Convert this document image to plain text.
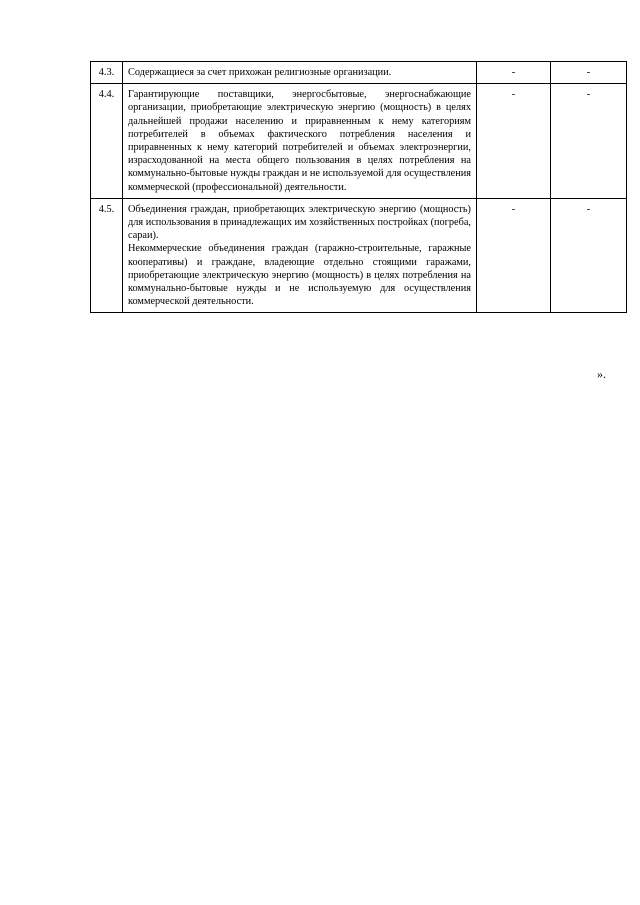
4.3.	Содержащиеся за счет прихожан религиозные организации.	-	-
4.4.	Гарантирующие поставщики, энергосбытовые, энергоснабжающие организации, приобретающие электрическую энергию (мощность) в целях дальнейшей продажи населению и приравненным к нему категориям потребителей в объемах фактического потребления населения и приравненных к нему категорий потребителей и объемах электроэнергии, израсходованной на места общего пользования в целях потребления на коммунально-бытовые нужды граждан и не используемой для осуществления коммерческой (профессиональной) деятельности.	-	-
4.5.	Объединения граждан, приобретающих электрическую энергию (мощность) для использования в принадлежащих им хозяйственных постройках (погреба, сараи).
Некоммерческие объединения граждан (гаражно-строительные, гаражные кооперативы) и граждане, владеющие отдельно стоящими гаражами, приобретающие электрическую энергию (мощность) в целях потребления на коммунально-бытовые нужды и не используемую для осуществления коммерческой деятельности.	-	-
».
